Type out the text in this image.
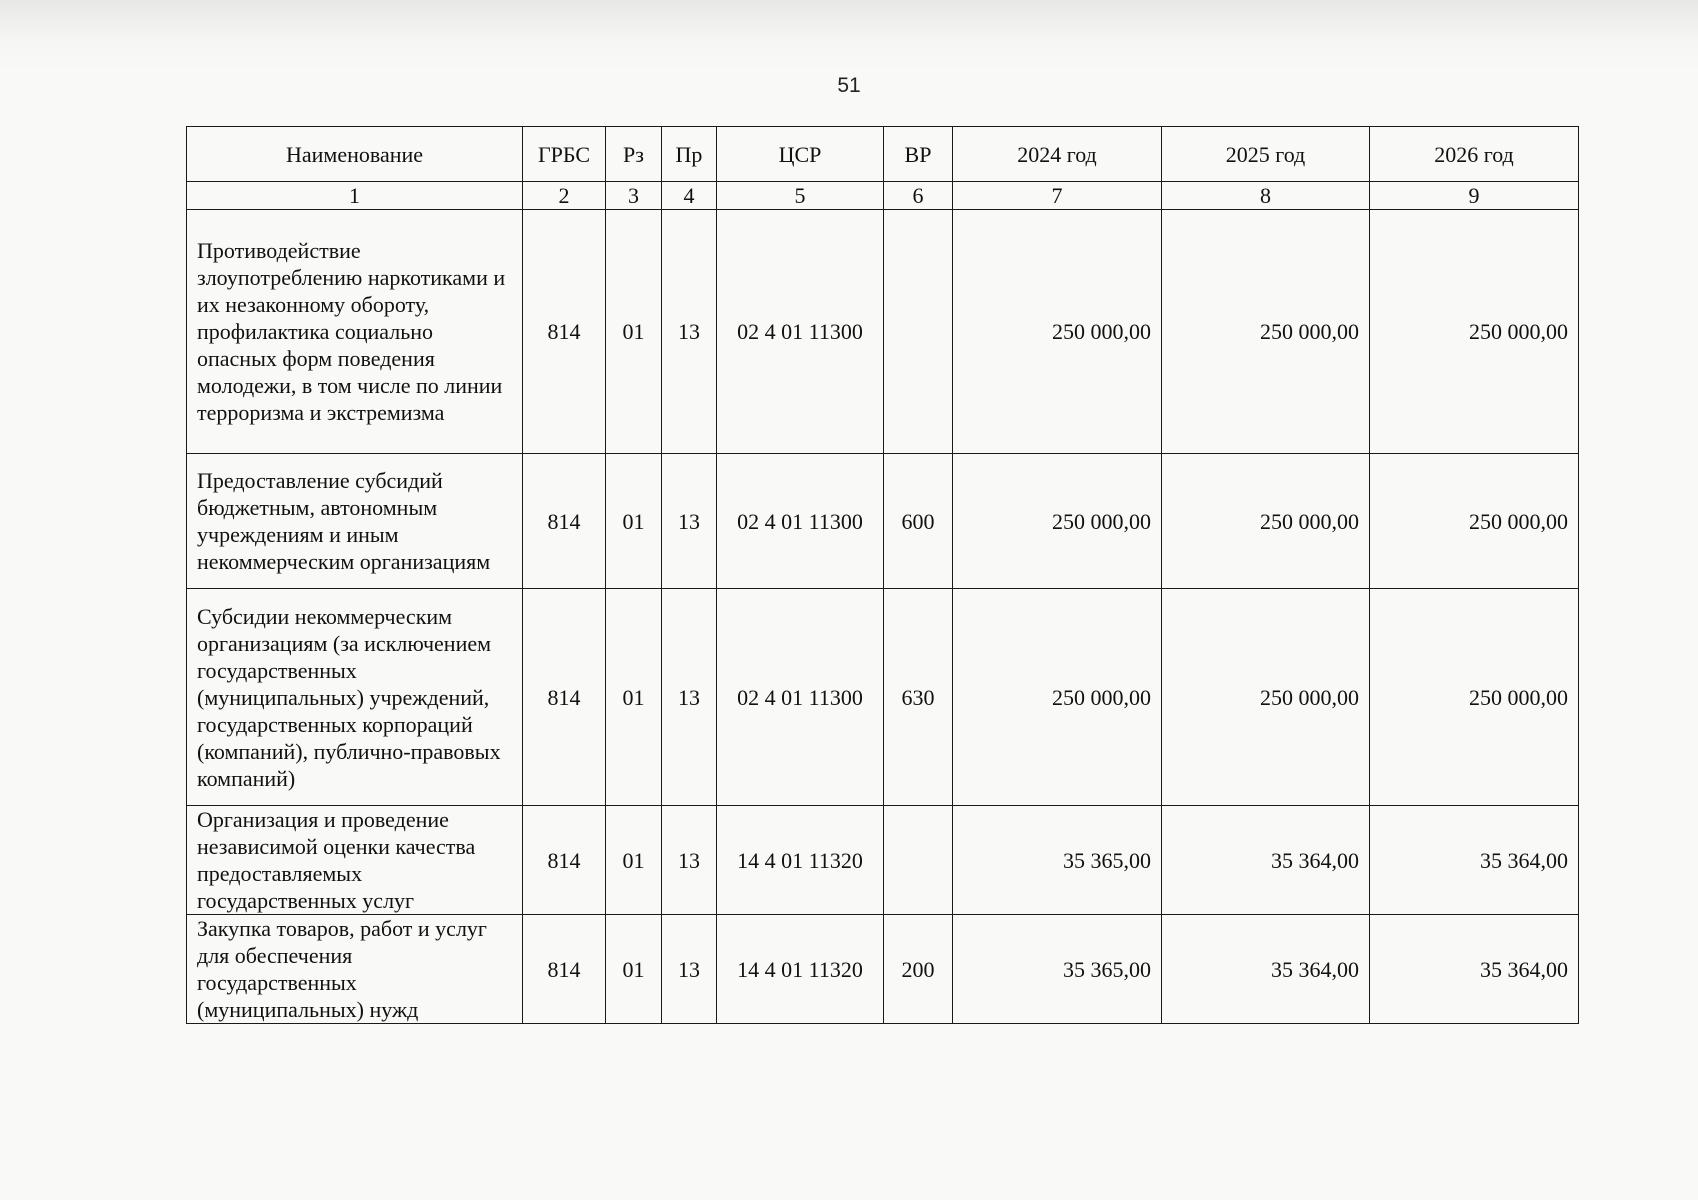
51
Наименование	ГРБС	Рз	Пр	ЦСР	ВР	2024 год	2025 год	2026 год
1	2	3	4	5	6	7	8	9
Противодействие злоупотреблению наркотиками и их незаконному обороту, профилактика социально опасных форм поведения молодежи, в том числе по линии терроризма и экстремизма	814	01	13	02 4 01 11300		250 000,00	250 000,00	250 000,00
Предоставление субсидий бюджетным, автономным учреждениям и иным некоммерческим организациям	814	01	13	02 4 01 11300	600	250 000,00	250 000,00	250 000,00
Субсидии некоммерческим организациям (за исключением государственных (муниципальных) учреждений, государственных корпораций (компаний), публично-правовых компаний)	814	01	13	02 4 01 11300	630	250 000,00	250 000,00	250 000,00
Организация и проведение независимой оценки качества предоставляемых государственных услуг	814	01	13	14 4 01 11320		35 365,00	35 364,00	35 364,00
Закупка товаров, работ и услуг для обеспечения государственных (муниципальных) нужд	814	01	13	14 4 01 11320	200	35 365,00	35 364,00	35 364,00
